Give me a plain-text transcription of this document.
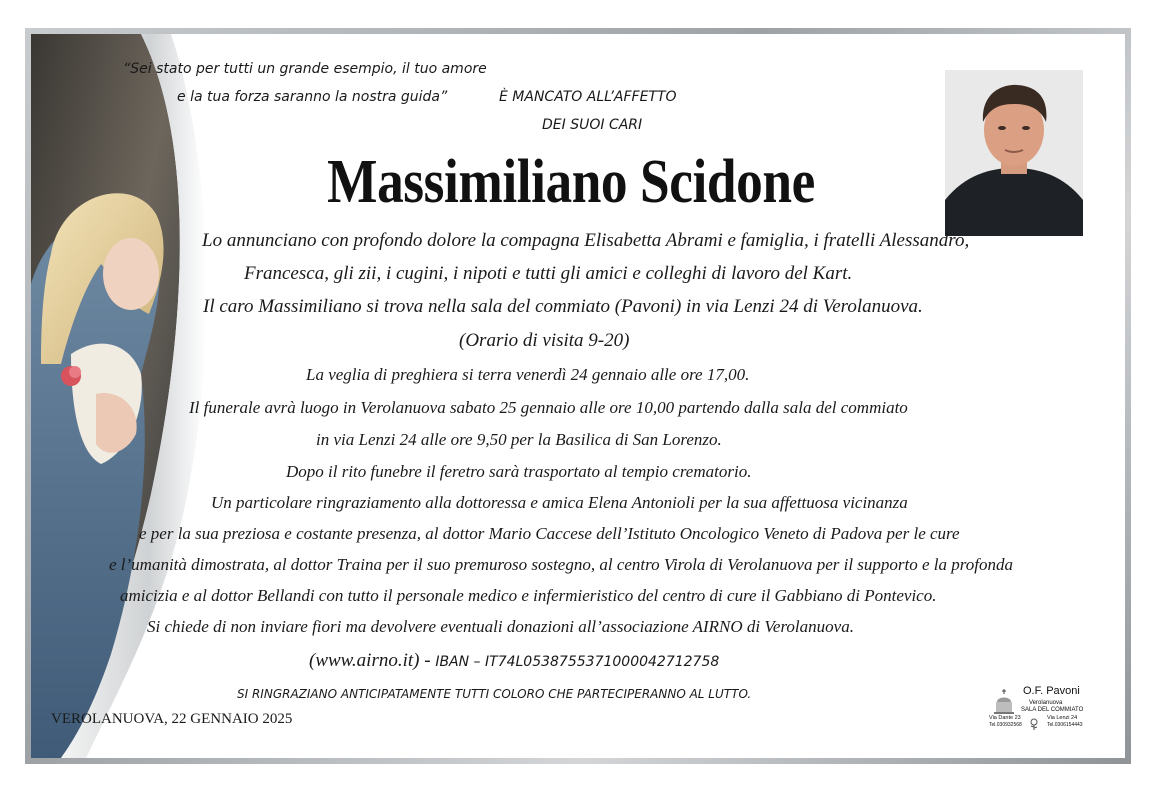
“Sei stato per tutti un grande esempio, il tuo amore
e la tua forza saranno la nostra guida”	È MANCATO ALL’AFFETTO
DEI SUOI CARI
Massimiliano Scidone
Lo annunciano con profondo dolore la compagna Elisabetta Abrami e famiglia, i fratelli Alessandro,
Francesca, gli zii, i cugini, i nipoti e tutti gli amici e colleghi di lavoro del Kart.
Il caro Massimiliano si trova nella sala del commiato (Pavoni) in via Lenzi 24 di Verolanuova.
(Orario di visita 9-20)
La veglia di preghiera si terra venerdì 24 gennaio alle ore 17,00.
Il funerale avrà luogo in Verolanuova sabato 25 gennaio alle ore 10,00 partendo dalla sala del commiato
in via Lenzi 24 alle ore 9,50 per la Basilica di San Lorenzo.
Dopo il rito funebre il feretro sarà trasportato al tempio crematorio.
Un particolare ringraziamento alla dottoressa e amica Elena Antonioli per la sua affettuosa vicinanza
e per la sua preziosa e costante presenza, al dottor Mario Caccese dell’Istituto Oncologico Veneto di Padova per le cure
e l’umanità dimostrata, al dottor Traina per il suo premuroso sostegno, al centro Virola di Verolanuova per il supporto e la profonda
amicizia e al dottor Bellandi con tutto il personale medico e infermieristico del centro di cure il Gabbiano di Pontevico.
Si chiede di non inviare fiori ma devolvere eventuali donazioni all’associazione AIRNO di Verolanuova.
(www.airno.it) - IBAN – IT74L0538755371000042712758
SI RINGRAZIANO ANTICIPATAMENTE TUTTI COLORO CHE PARTECIPERANNO AL LUTTO.
VEROLANUOVA, 22 GENNAIO 2025
O.F. Pavoni
Verolanuova
SALA DEL COMMIATO
Via Dante 23
Tel.030932568
Via Lenzi 24
Tel.0306154443
